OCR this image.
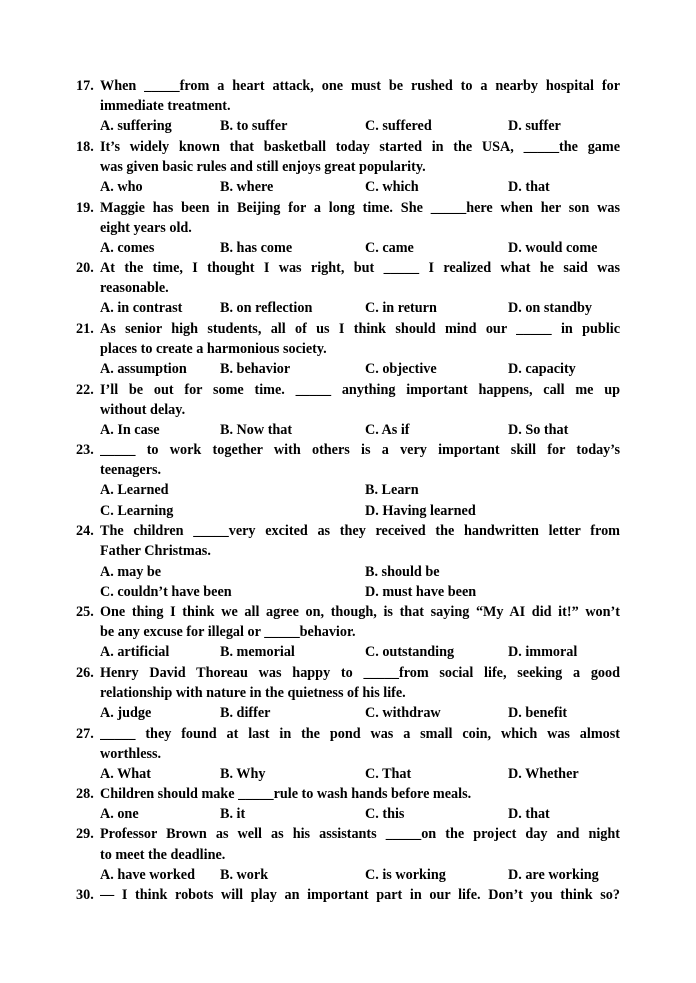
17. When _____from a heart attack, one must be rushed to a nearby hospital for
immediate treatment.
A. suffering	B. to suffer	C. suffered	D. suffer
18. It’s widely known that basketball today started in the USA, _____the game
was given basic rules and still enjoys great popularity.
A. who	B. where	C. which	D. that
19. Maggie has been in Beijing for a long time. She _____here when her son was
eight years old.
A. comes	B. has come	C. came	D. would come
20. At the time, I thought I was right, but _____ I realized what he said was
reasonable.
A. in contrast	B. on reflection	C. in return	D. on standby
21. As senior high students, all of us I think should mind our _____ in public
places to create a harmonious society.
A. assumption B. behavior	C. objective	D. capacity
22. I’ll be out for some time. _____ anything important happens, call me up
without delay.
A. In case	B. Now that	C. As if	D. So that
23. _____ to work together with others is a very important skill for today’s
teenagers.
A. Learned	B. Learn
C. Learning	D. Having learned
24. The children _____very excited as they received the handwritten letter from
Father Christmas.
A. may be	B. should be
C. couldn’t have been	D. must have been
25. One thing I think we all agree on, though, is that saying “My AI did it!” won’t
be any excuse for illegal or _____behavior.
A. artificial	B. memorial	C. outstanding	D. immoral
26. Henry David Thoreau was happy to _____from social life, seeking a good
relationship with nature in the quietness of his life.
A. judge	B. differ	C. withdraw	D. benefit
27. _____ they found at last in the pond was a small coin, which was almost
worthless.
A. What	B. Why	C. That	D. Whether
28. Children should make _____rule to wash hands before meals.
A. one	B. it	C. this	D. that
29. Professor Brown as well as his assistants _____on the project day and night
to meet the deadline.
A. have worked B. work	C. is working	D. are working
30. — I think robots will play an important part in our life. Don’t you think so?
